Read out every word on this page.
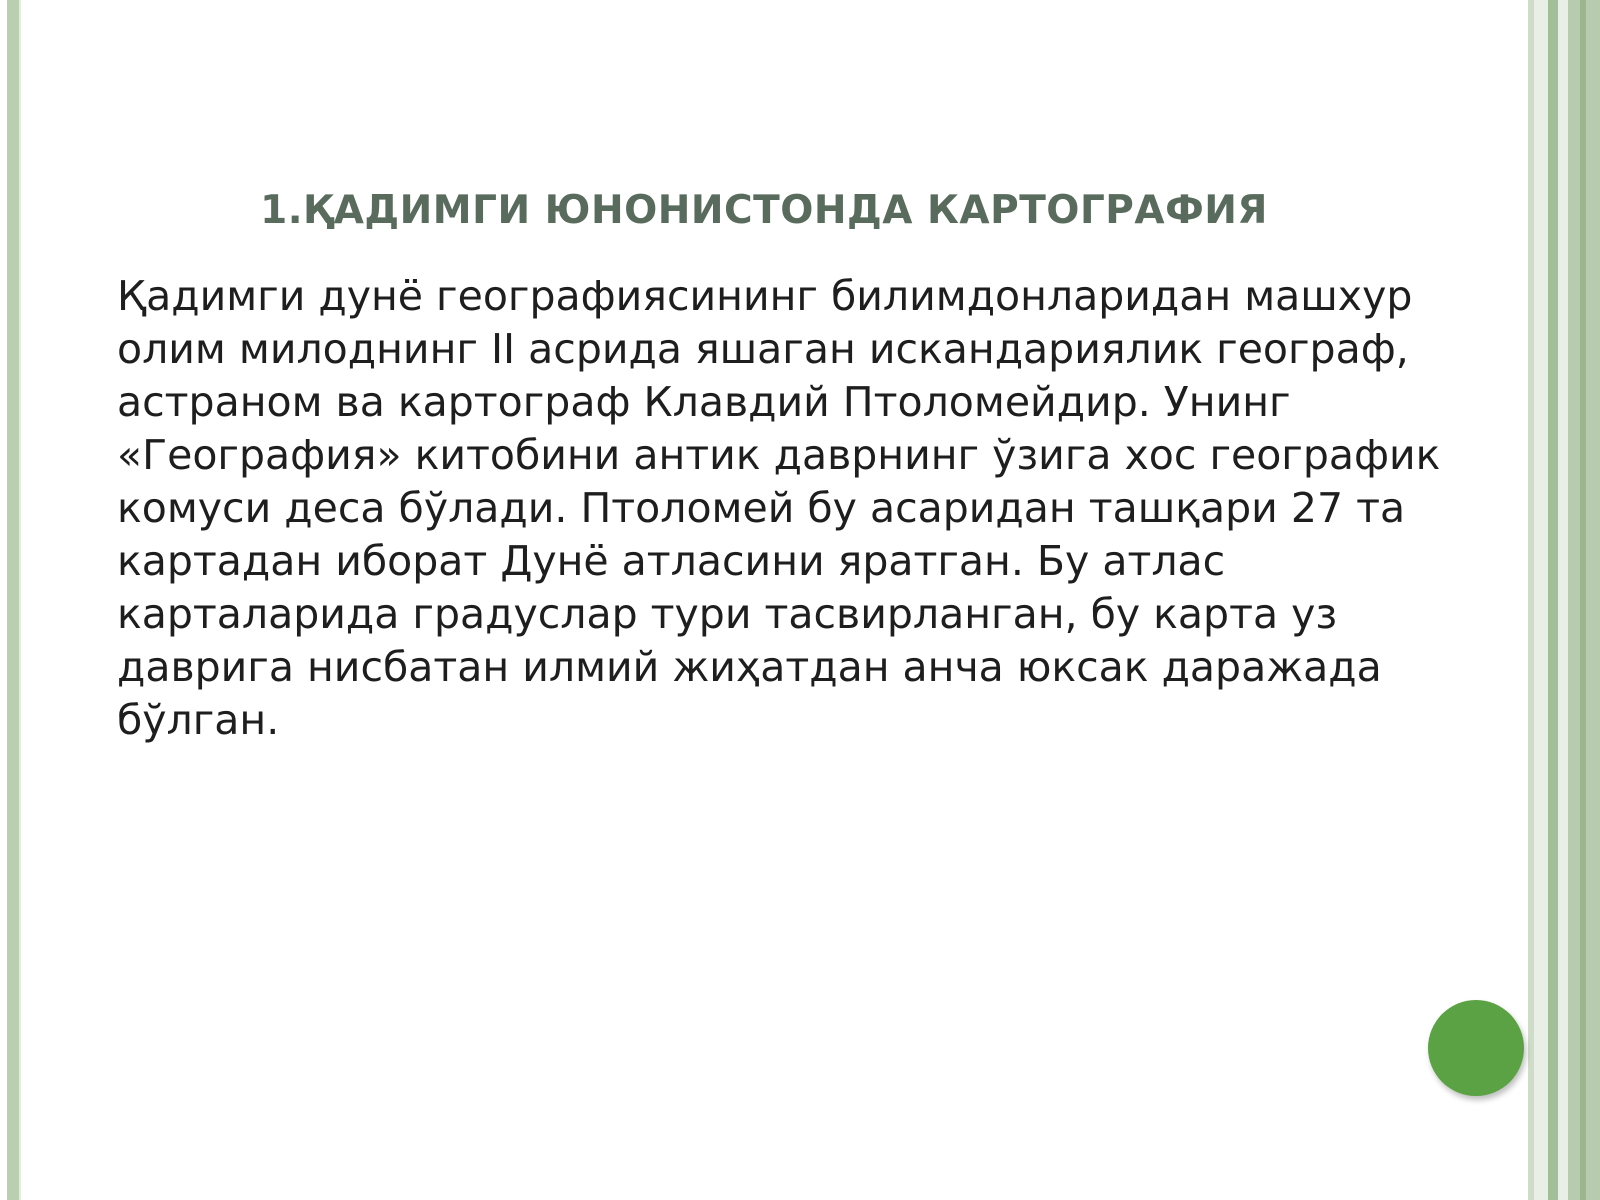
1.ҚАДИМГИ ЮНОНИСТОНДА КАРТОГРАФИЯ

Қадимги дунё географиясининг билимдонларидан машхур
олим милоднинг II асрида яшаган искандариялик географ,
астраном ва картограф Клавдий Птоломейдир. Унинг
«География» китобини антик даврнинг ўзига хос географик
комуси деса бўлади. Птоломей бу асаридан ташқари 27 та
картадан иборат Дунё атласини яратган. Бу атлас
карталарида градуслар тури тасвирланган, бу карта уз
даврига нисбатан илмий жиҳатдан анча юксак даражада
бўлган.
